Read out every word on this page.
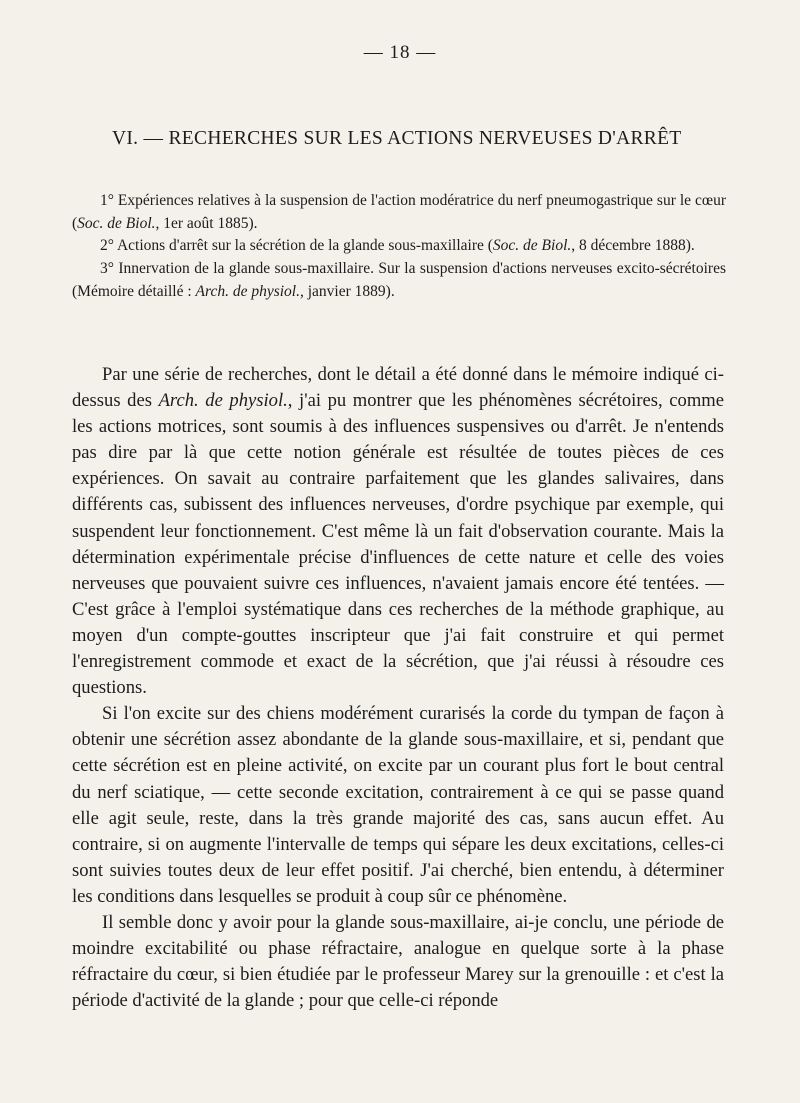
— 18 —
VI. — RECHERCHES SUR LES ACTIONS NERVEUSES D'ARRÊT

1° Expériences relatives à la suspension de l'action modératrice du nerf pneumogastrique sur le cœur (Soc. de Biol., 1er août 1885).

2° Actions d'arrêt sur la sécrétion de la glande sous-maxillaire (Soc. de Biol., 8 décembre 1888).

3° Innervation de la glande sous-maxillaire. Sur la suspension d'actions nerveuses excito-sécrétoires (Mémoire détaillé : Arch. de physiol., janvier 1889).

Par une série de recherches, dont le détail a été donné dans le mémoire indiqué ci-dessus des Arch. de physiol., j'ai pu montrer que les phénomènes sécrétoires, comme les actions motrices, sont soumis à des influences suspensives ou d'arrêt. Je n'entends pas dire par là que cette notion générale est résultée de toutes pièces de ces expériences. On savait au contraire parfaitement que les glandes salivaires, dans différents cas, subissent des influences nerveuses, d'ordre psychique par exemple, qui suspendent leur fonctionnement. C'est même là un fait d'observation courante. Mais la détermination expérimentale précise d'influences de cette nature et celle des voies nerveuses que pouvaient suivre ces influences, n'avaient jamais encore été tentées. — C'est grâce à l'emploi systématique dans ces recherches de la méthode graphique, au moyen d'un compte-gouttes inscripteur que j'ai fait construire et qui permet l'enregistrement commode et exact de la sécrétion, que j'ai réussi à résoudre ces questions.

Si l'on excite sur des chiens modérément curarisés la corde du tympan de façon à obtenir une sécrétion assez abondante de la glande sous-maxillaire, et si, pendant que cette sécrétion est en pleine activité, on excite par un courant plus fort le bout central du nerf sciatique, — cette seconde excitation, contrairement à ce qui se passe quand elle agit seule, reste, dans la très grande majorité des cas, sans aucun effet. Au contraire, si on augmente l'intervalle de temps qui sépare les deux excitations, celles-ci sont suivies toutes deux de leur effet positif. J'ai cherché, bien entendu, à déterminer les conditions dans lesquelles se produit à coup sûr ce phénomène.

Il semble donc y avoir pour la glande sous-maxillaire, ai-je conclu, une période de moindre excitabilité ou phase réfractaire, analogue en quelque sorte à la phase réfractaire du cœur, si bien étudiée par le professeur Marey sur la grenouille : et c'est la période d'activité de la glande ; pour que celle-ci réponde
